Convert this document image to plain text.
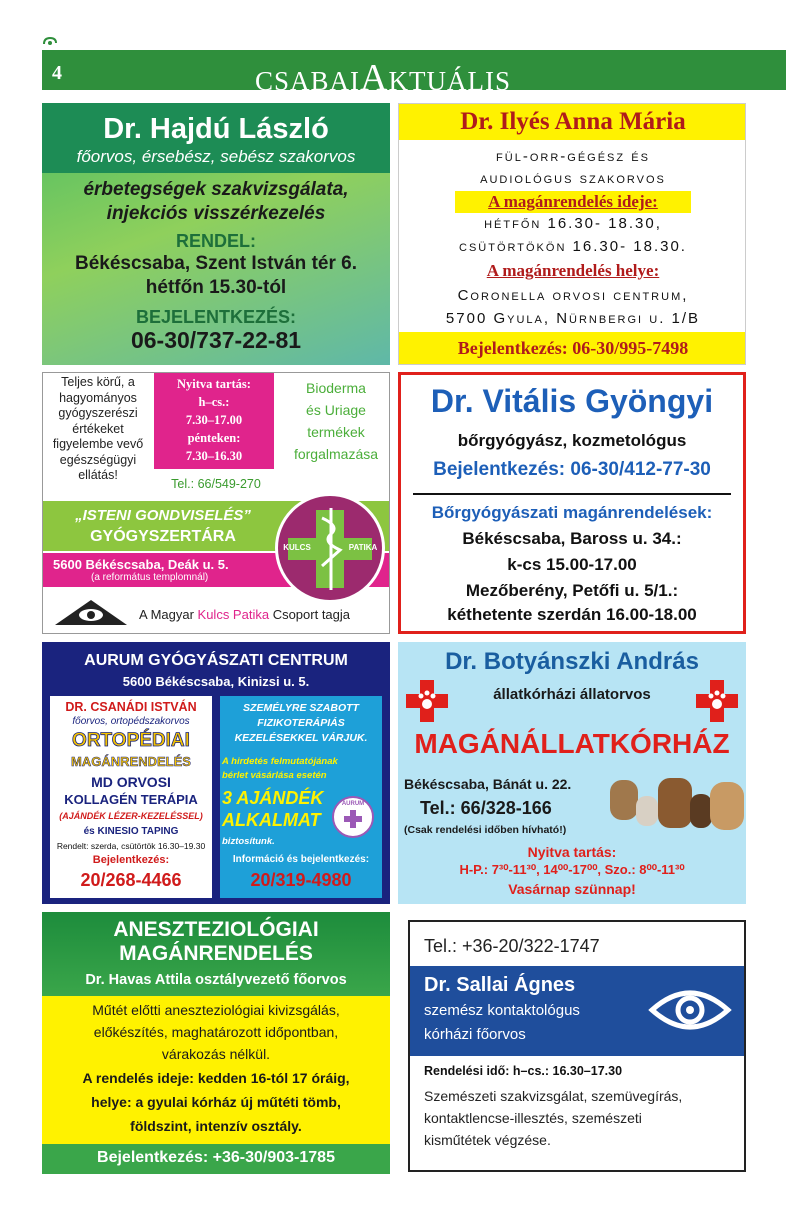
4	CSABAIAKTUÁLIS
Dr. Hajdú László
főorvos, érsebész, sebész szakorvos
érbetegségek szakvizsgálata,
injekciós visszérkezelés
RENDEL:
Békéscsaba, Szent István tér 6.
hétfőn 15.30-tól
BEJELENTKEZÉS:
06-30/737-22-81
Dr. Ilyés Anna Mária
fül-orr-gégész és
audiológus szakorvos
A magánrendelés ideje:
hétfőn 16.30- 18.30,
csütörtökön 16.30- 18.30.
A magánrendelés helye:
Coronella orvosi centrum,
5700 Gyula, Nürnbergi u. 1/B
Bejelentkezés: 06-30/995-7498
Teljes körű, a
hagyományos
gyógyszerészi
értékeket
figyelembe vevő
egészségügyi
ellátás!
Nyitva tartás:
h–cs.:
7.30–17.00
pénteken:
7.30–16.30
Tel.: 66/549-270
Bioderma
és Uriage
termékek
forgalmazása
„ISTENI GONDVISELÉS”
GYÓGYSZERTÁRA
5600 Békéscsaba, Deák u. 5.
(a református templomnál)
KULCS	PATIKA
A Magyar Kulcs Patika Csoport tagja
Dr. Vitális Gyöngyi
bőrgyógyász, kozmetológus
Bejelentkezés: 06-30/412-77-30
Bőrgyógyászati magánrendelések:
Békéscsaba, Baross u. 34.:
k-cs 15.00-17.00
Mezőberény, Petőfi u. 5/1.:
kéthetente szerdán 16.00-18.00
AURUM GYÓGYÁSZATI CENTRUM
5600 Békéscsaba, Kinizsi u. 5.
DR. CSANÁDI ISTVÁN
főorvos, ortopédszakorvos
ORTOPÉDIAI
MAGÁNRENDELÉS
MD ORVOSI
KOLLAGÉN TERÁPIA
(AJÁNDÉK LÉZER-KEZELÉSSEL)
és KINESIO TAPING
Rendelt: szerda, csütörtök 16.30–19.30
Bejelentkezés:
20/268-4466
SZEMÉLYRE SZABOTT
FIZIKOTERÁPIÁS
KEZELÉSEKKEL VÁRJUK.
A hirdetés felmutatójának
bérlet vásárlása esetén
3 AJÁNDÉK
ALKALMAT
biztosítunk.
AURUM
Információ és bejelentkezés:
20/319-4980
Dr. Botyánszki András
állatkórházi állatorvos
MAGÁNÁLLATKÓRHÁZ
Békéscsaba, Bánát u. 22.
Tel.: 66/328-166
(Csak rendelési időben hívható!)
Nyitva tartás:
H-P.: 7³⁰-11³⁰, 14⁰⁰-17⁰⁰, Szo.: 8⁰⁰-11³⁰
Vasárnap szünnap!
ANESZTEZIOLÓGIAI
MAGÁNRENDELÉS
Dr. Havas Attila osztályvezető főorvos
Műtét előtti aneszteziológiai kivizsgálás,
előkészítés, maghatározott időpontban,
várakozás nélkül.
A rendelés ideje: kedden 16-tól 17 óráig,
helye: a gyulai kórház új műtéti tömb,
földszint, intenzív osztály.
Bejelentkezés: +36-30/903-1785
Tel.: +36-20/322-1747
Dr. Sallai Ágnes
szemész kontaktológus
kórházi főorvos
Rendelési idő: h–cs.: 16.30–17.30
Szemészeti szakvizsgálat, szemüvegírás,
kontaktlencse-illesztés, szemészeti
kisműtétek végzése.
